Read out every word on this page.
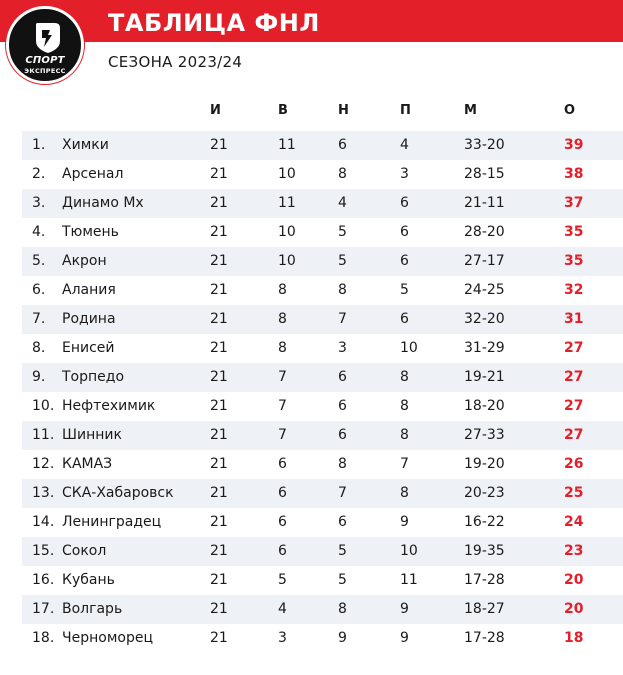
СПОРТ
ЭКСПРЕСС
ТАБЛИЦА ФНЛ
СЕЗОНА 2023/24
И	В	Н	П	М	О
1. Химки	21	11	6	4	33-20	39
2. Арсенал	21	10	8	3	28-15	38
3. Динамо Мх	21	11	4	6	21-11	37
4. Тюмень	21	10	5	6	28-20	35
5. Акрон	21	10	5	6	27-17	35
6. Алания	21	8	8	5	24-25	32
7. Родина	21	8	7	6	32-20	31
8. Енисей	21	8	3	10	31-29	27
9. Торпедо	21	7	6	8	19-21	27
10. Нефтехимик	21	7	6	8	18-20	27
11. Шинник	21	7	6	8	27-33	27
12. КАМАЗ	21	6	8	7	19-20	26
13. СКА-Хабаровск	21	6	7	8	20-23	25
14. Ленинградец	21	6	6	9	16-22	24
15. Сокол	21	6	5	10	19-35	23
16. Кубань	21	5	5	11	17-28	20
17. Волгарь	21	4	8	9	18-27	20
18. Черноморец	21	3	9	9	17-28	18
